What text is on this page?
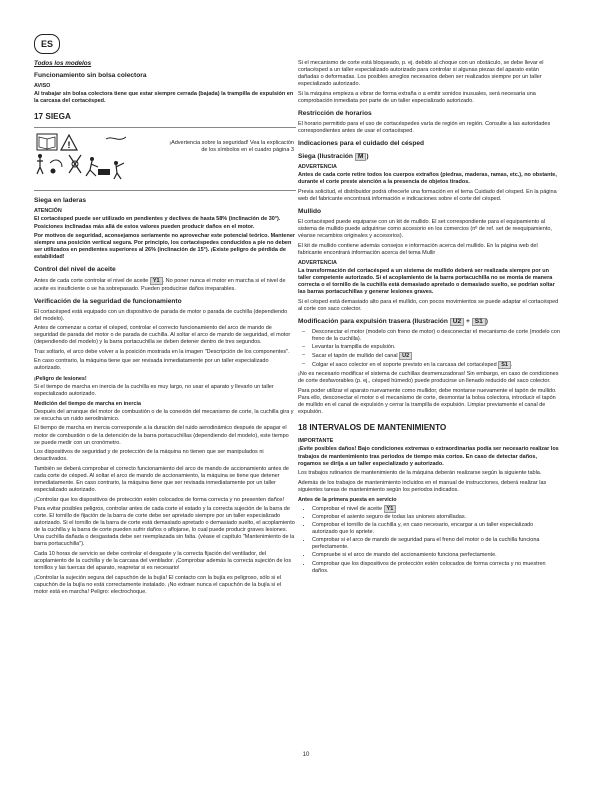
ES

Todos los modelos

Funcionamiento sin bolsa colectora

AVISO

Al trabajar sin bolsa colectora tiene que estar siempre cerrada (bajada) la trampilla de expulsión en la carcasa del cortacésped.

17 SIEGA

!	¡Advertencia sobre la seguridad! Vea la explicación de los símbolos en el cuadro página 3

Siega en laderas

ATENCIÓN

El cortacésped puede ser utilizado en pendientes y declives de hasta 58% (inclinación de 30°). Posiciones inclinadas más allá de estos valores pueden producir daños en el motor.

Por motivos de seguridad, aconsejamos seriamente no aprovechar este potencial teórico. Mantener siempre una posición vertical segura. Por principio, los cortacéspedes conducidos a pie no deben ser utilizados en pendientes superiores al 26% (inclinación de 15°). ¡Existe peligro de pérdida de estabilidad!

Control del nivel de aceite

Antes de cada corte controlar el nivel de aceite Y1 . No poner nunca el motor en marcha si el nivel de aceite es insuficiente o se ha sobrepasado. Pueden producirse daños irreparables.

Verificación de la seguridad de funcionamiento

El cortacésped está equipado con un dispositivo de parada de motor o parada de cuchilla (dependiendo del modelo).

Antes de comenzar a cortar el césped, controlar el correcto funcionamiento del arco de mando de seguridad de parada del motor o de parada de cuchilla. Al soltar el arco de mando de seguridad, el motor (dependiendo del modelo) y la barra portacuchilla se deben detener dentro de tres segundos.

Tras soltarlo, el arco debe volver a la posición mostrada en la imagen "Descripción de los componentes".

En caso contrario, la máquina tiene que ser revisada inmediatamente por un taller especializado autorizado.

¡Peligro de lesiones!

Si el tiempo de marcha en inercia de la cuchilla es muy largo, no usar el aparato y llevarlo un taller especializado autorizado.

Medición del tiempo de marcha en inercia

Después del arranque del motor de combustión o de la conexión del mecanismo de corte, la cuchilla gira y se escucha un ruido aerodinámico.

El tiempo de marcha en inercia corresponde a la duración del ruido aerodinámico después de apagar el motor de combustión o de la detención de la barra portacuchillas (dependiendo del modelo), este tiempo se puede medir con un cronómetro.

Los dispositivos de seguridad y de protección de la máquina no tienen que ser manipulados ni desactivados.

También se deberá comprobar el correcto funcionamiento del arco de mando de accionamiento antes de cada corte de césped. Al soltar el arco de mando de accionamiento, la máquina se tiene que detener inmediatamente. En caso contrario, la máquina tiene que ser revisada inmediatamente por un taller especializado autorizado.

¡Controlar que los dispositivos de protección estén colocados de forma correcta y no presenten daños!

Para evitar posibles peligros, controlar antes de cada corte el estado y la correcta sujeción de la barra de corte. El tornillo de fijación de la barra de corte debe ser apretado siempre por un taller especializado autorizado. Si el tornillo de la barra de corte está demasiado apretado o demasiado suelto, el acoplamiento de la cuchilla y la barra de corte pueden sufrir daños o aflojarse, lo cual puede producir graves lesiones. Una cuchilla dañada o desgastada debe ser reemplazada sin falta. (véase el capítulo "Mantenimiento de la barra portacuchilla").

Cada 10 horas de servicio se debe controlar el desgaste y la correcta fijación del ventilador, del acoplamiento de la cuchilla y de la carcasa del ventilador. ¡Comprobar además la correcta sujeción de los tornillos y las tuercas del aparato, reapretar si es necesario!

¡Controlar la sujeción segura del capuchón de la bujía! El contacto con la bujía es peligroso, sólo si el capuchón de la bujía no está correctamente instalado. ¡No extraer nunca el capuchón de la bujía si el motor está en marcha! Peligro: electrochoque.

Si el mecanismo de corte está bloqueado, p. ej. debido al choque con un obstáculo, se debe llevar el cortacésped a un taller especializado autorizado para controlar si algunas piezas del aparato están dañadas o deformadas. Los posibles arreglos necesarios deben ser realizados siempre por un taller especializado autorizado.

Si la máquina empieza a vibrar de forma extraña o a emitir sonidos inusuales, será necesaria una comprobación inmediata por parte de un taller especializado autorizado.

Restricción de horarios

El horario permitido para el uso de cortacéspedes varía de región en región. Consulte a las autoridades correspondientes antes de usar el cortacésped.

Indicaciones para el cuidado del césped

Siega (Ilustración M )

ADVERTENCIA

Antes de cada corte retire todos los cuerpos extraños (piedras, maderas, ramas, etc.), no obstante, durante el corte preste atención a la presencia de objetos tirados.

Previa solicitud, el distribuidor podrá ofrecerle una formación en el tema Cuidado del césped. En la página web del fabricante encontrará información e indicaciones sobre el corte del césped.

Mullido

El cortacésped puede equiparse con un kit de mullido. El set correspondiente para el equipamiento al sistema de mullido puede adquirirse como accesorio en los comercios (nº de ref. set de reequipamiento, véanse recambios originales y accesorios).

El kit de mullido contiene además consejos e información acerca del mullido. En la página web del fabricante encontrará información acerca del tema Mullir

ADVERTENCIA

La transformación del cortacésped a un sistema de mullido deberá ser realizada siempre por un taller competente autorizado. Si el acoplamiento de la barra portacuchilla no se monta de manera correcta o el tornillo de la cuchilla está demasiado apretado o demasiado suelto, se podrían soltar las barras portacuchillas y generar lesiones graves.

Si el césped está demasiado alto para el mullido, con pocos movimientos se puede adaptar el cortacésped al corte con saco colector.

Modificación para expulsión trasera (Ilustración U2 + S1 )

– Desconectar el motor (modelo con freno de motor) o desconectar el mecanismo de corte (modelo con freno de la cuchilla).
– Levantar la trampilla de expulsión.
– Sacar el tapón de mullido del canal U2
– Colgar el saco colector en el soporte previsto en la carcasa del cortacésped S1 .

¡No es necesario modificar el sistema de cuchillas desmenuzadoras! Sin embargo, en caso de condiciones de corte desfavorables (p. ej., césped húmedo) puede producirse un llenado reducido del saco colector.

Para poder utilizar el aparato nuevamente como mullidor, debe montarse nuevamente el tapón de mullido. Para ello, desconectar el motor o el mecanismo de corte, desmontar la bolsa colectora, introducir el tapón de mullido en el canal de expulsión y cerrar la trampilla de expulsión. Limpiar previamente el canal de expulsión.

18 INTERVALOS DE MANTENIMIENTO

IMPORTANTE

¡Evite posibles daños! Bajo condiciones extremas o extraordinarias podía ser necesario realizar los trabajos de mantenimiento tras periodos de tiempo más cortos. En caso de detectar daños, rogamos se dirija a un taller especializado y autorizado.

Los trabajos rutinarios de mantenimiento de la máquina deberán realizarse según la siguiente tabla.

Además de los trabajos de mantenimiento incluidos en el manual de instrucciones, deberá realizar las siguientes tareas de mantenimiento según los periodos indicados.

Antes de la primera puesta en servicio

• Comprobar el nivel de aceite Y1
• Comprobar el asiento seguro de todas las uniones atornilladas.
• Comprobar el tornillo de la cuchilla y, en caso necesario, encargar a un taller especializado autorizado que lo apriete.
• Comprobar si el arco de mando de seguridad para el freno del motor o de la cuchilla funciona perfectamente.
• Compruebe si el arco de mando del accionamiento funciona perfectamente.
• Comprobar que los dispositivos de protección estén colocados de forma correcta y no muestren daños.
10
